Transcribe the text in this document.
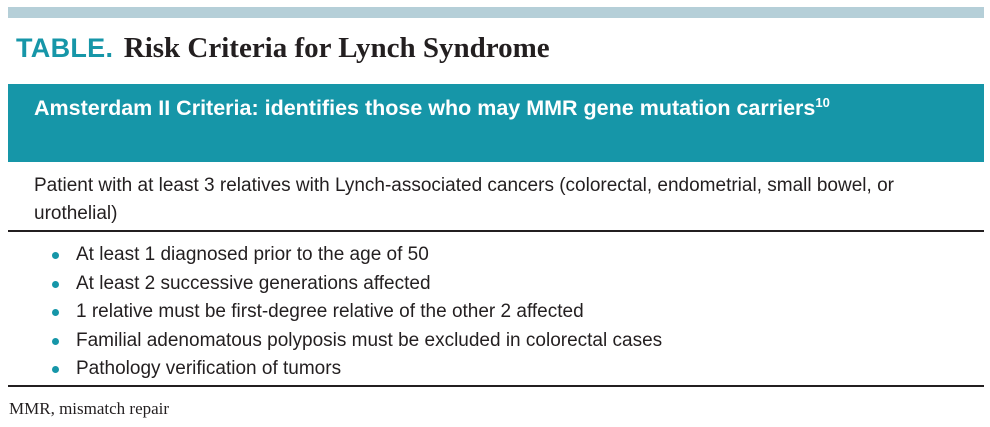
TABLE. Risk Criteria for Lynch Syndrome
Amsterdam II Criteria: identifies those who may MMR gene mutation carriers$^{10}$
Patient with at least 3 relatives with Lynch-associated cancers (colorectal, endometrial, small bowel, or urothelial)
At least 1 diagnosed prior to the age of 50
At least 2 successive generations affected
1 relative must be first-degree relative of the other 2 affected
Familial adenomatous polyposis must be excluded in colorectal cases
Pathology verification of tumors
MMR, mismatch repair
